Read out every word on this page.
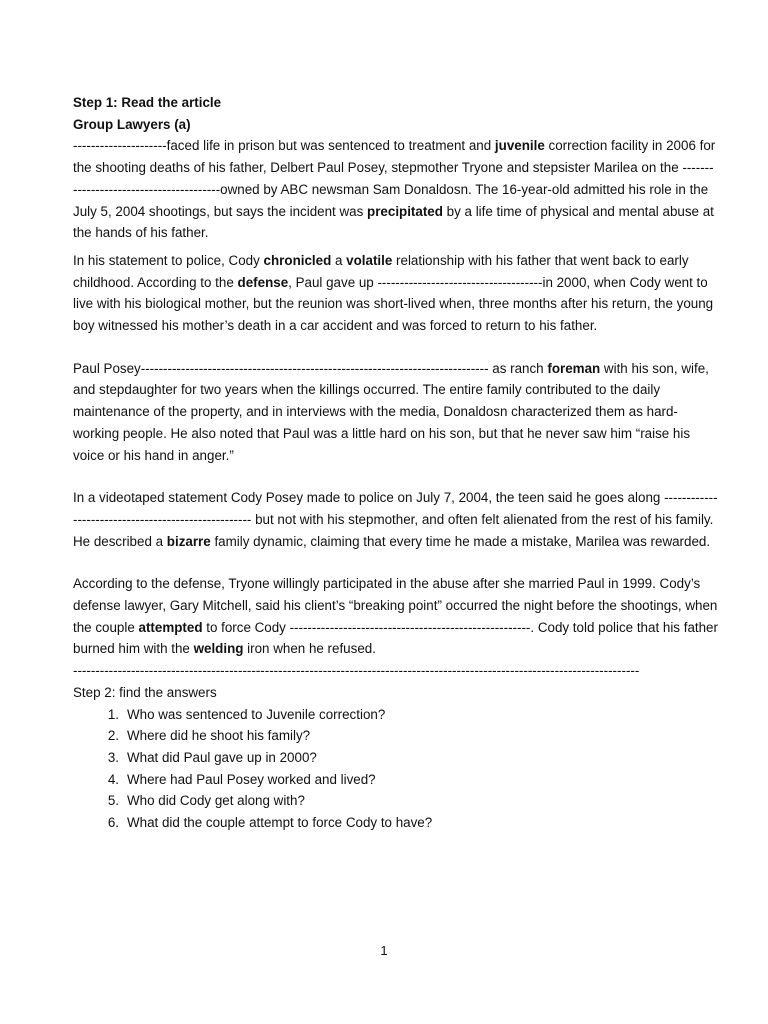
Step 1: Read the article

Group Lawyers (a)

---------------------faced life in prison but was sentenced to treatment and juvenile correction facility in 2006 for the shooting deaths of his father, Delbert Paul Posey, stepmother Tryone and stepsister Marilea on the ----------------------------------------owned by ABC newsman Sam Donaldosn. The 16-year-old admitted his role in the July 5, 2004 shootings, but says the incident was precipitated by a life time of physical and mental abuse at the hands of his father.

In his statement to police, Cody chronicled a volatile relationship with his father that went back to early childhood. According to the defense, Paul gave up -------------------------------------in 2000, when Cody went to live with his biological mother, but the reunion was short-lived when, three months after his return, the young boy witnessed his mother’s death in a car accident and was forced to return to his father.

Paul Posey------------------------------------------------------------------------------ as ranch foreman with his son, wife, and stepdaughter for two years when the killings occurred. The entire family contributed to the daily maintenance of the property, and in interviews with the media, Donaldosn characterized them as hard-working people. He also noted that Paul was a little hard on his son, but that he never saw him “raise his voice or his hand in anger.”

In a videotaped statement Cody Posey made to police on July 7, 2004, the teen said he goes along ---------------------------------------------------- but not with his stepmother, and often felt alienated from the rest of his family. He described a bizarre family dynamic, claiming that every time he made a mistake, Marilea was rewarded.

According to the defense, Tryone willingly participated in the abuse after she married Paul in 1999. Cody’s defense lawyer, Gary Mitchell, said his client’s “breaking point” occurred the night before the shootings, when the couple attempted to force Cody ------------------------------------------------------. Cody told police that his father burned him with the welding iron when he refused.

-------------------------------------------------------------------------------------------------------------------------------

Step 2: find the answers

1. Who was sentenced to Juvenile correction?
2. Where did he shoot his family?
3. What did Paul gave up in 2000?
4. Where had Paul Posey worked and lived?
5. Who did Cody get along with?
6. What did the couple attempt to force Cody to have?
1
